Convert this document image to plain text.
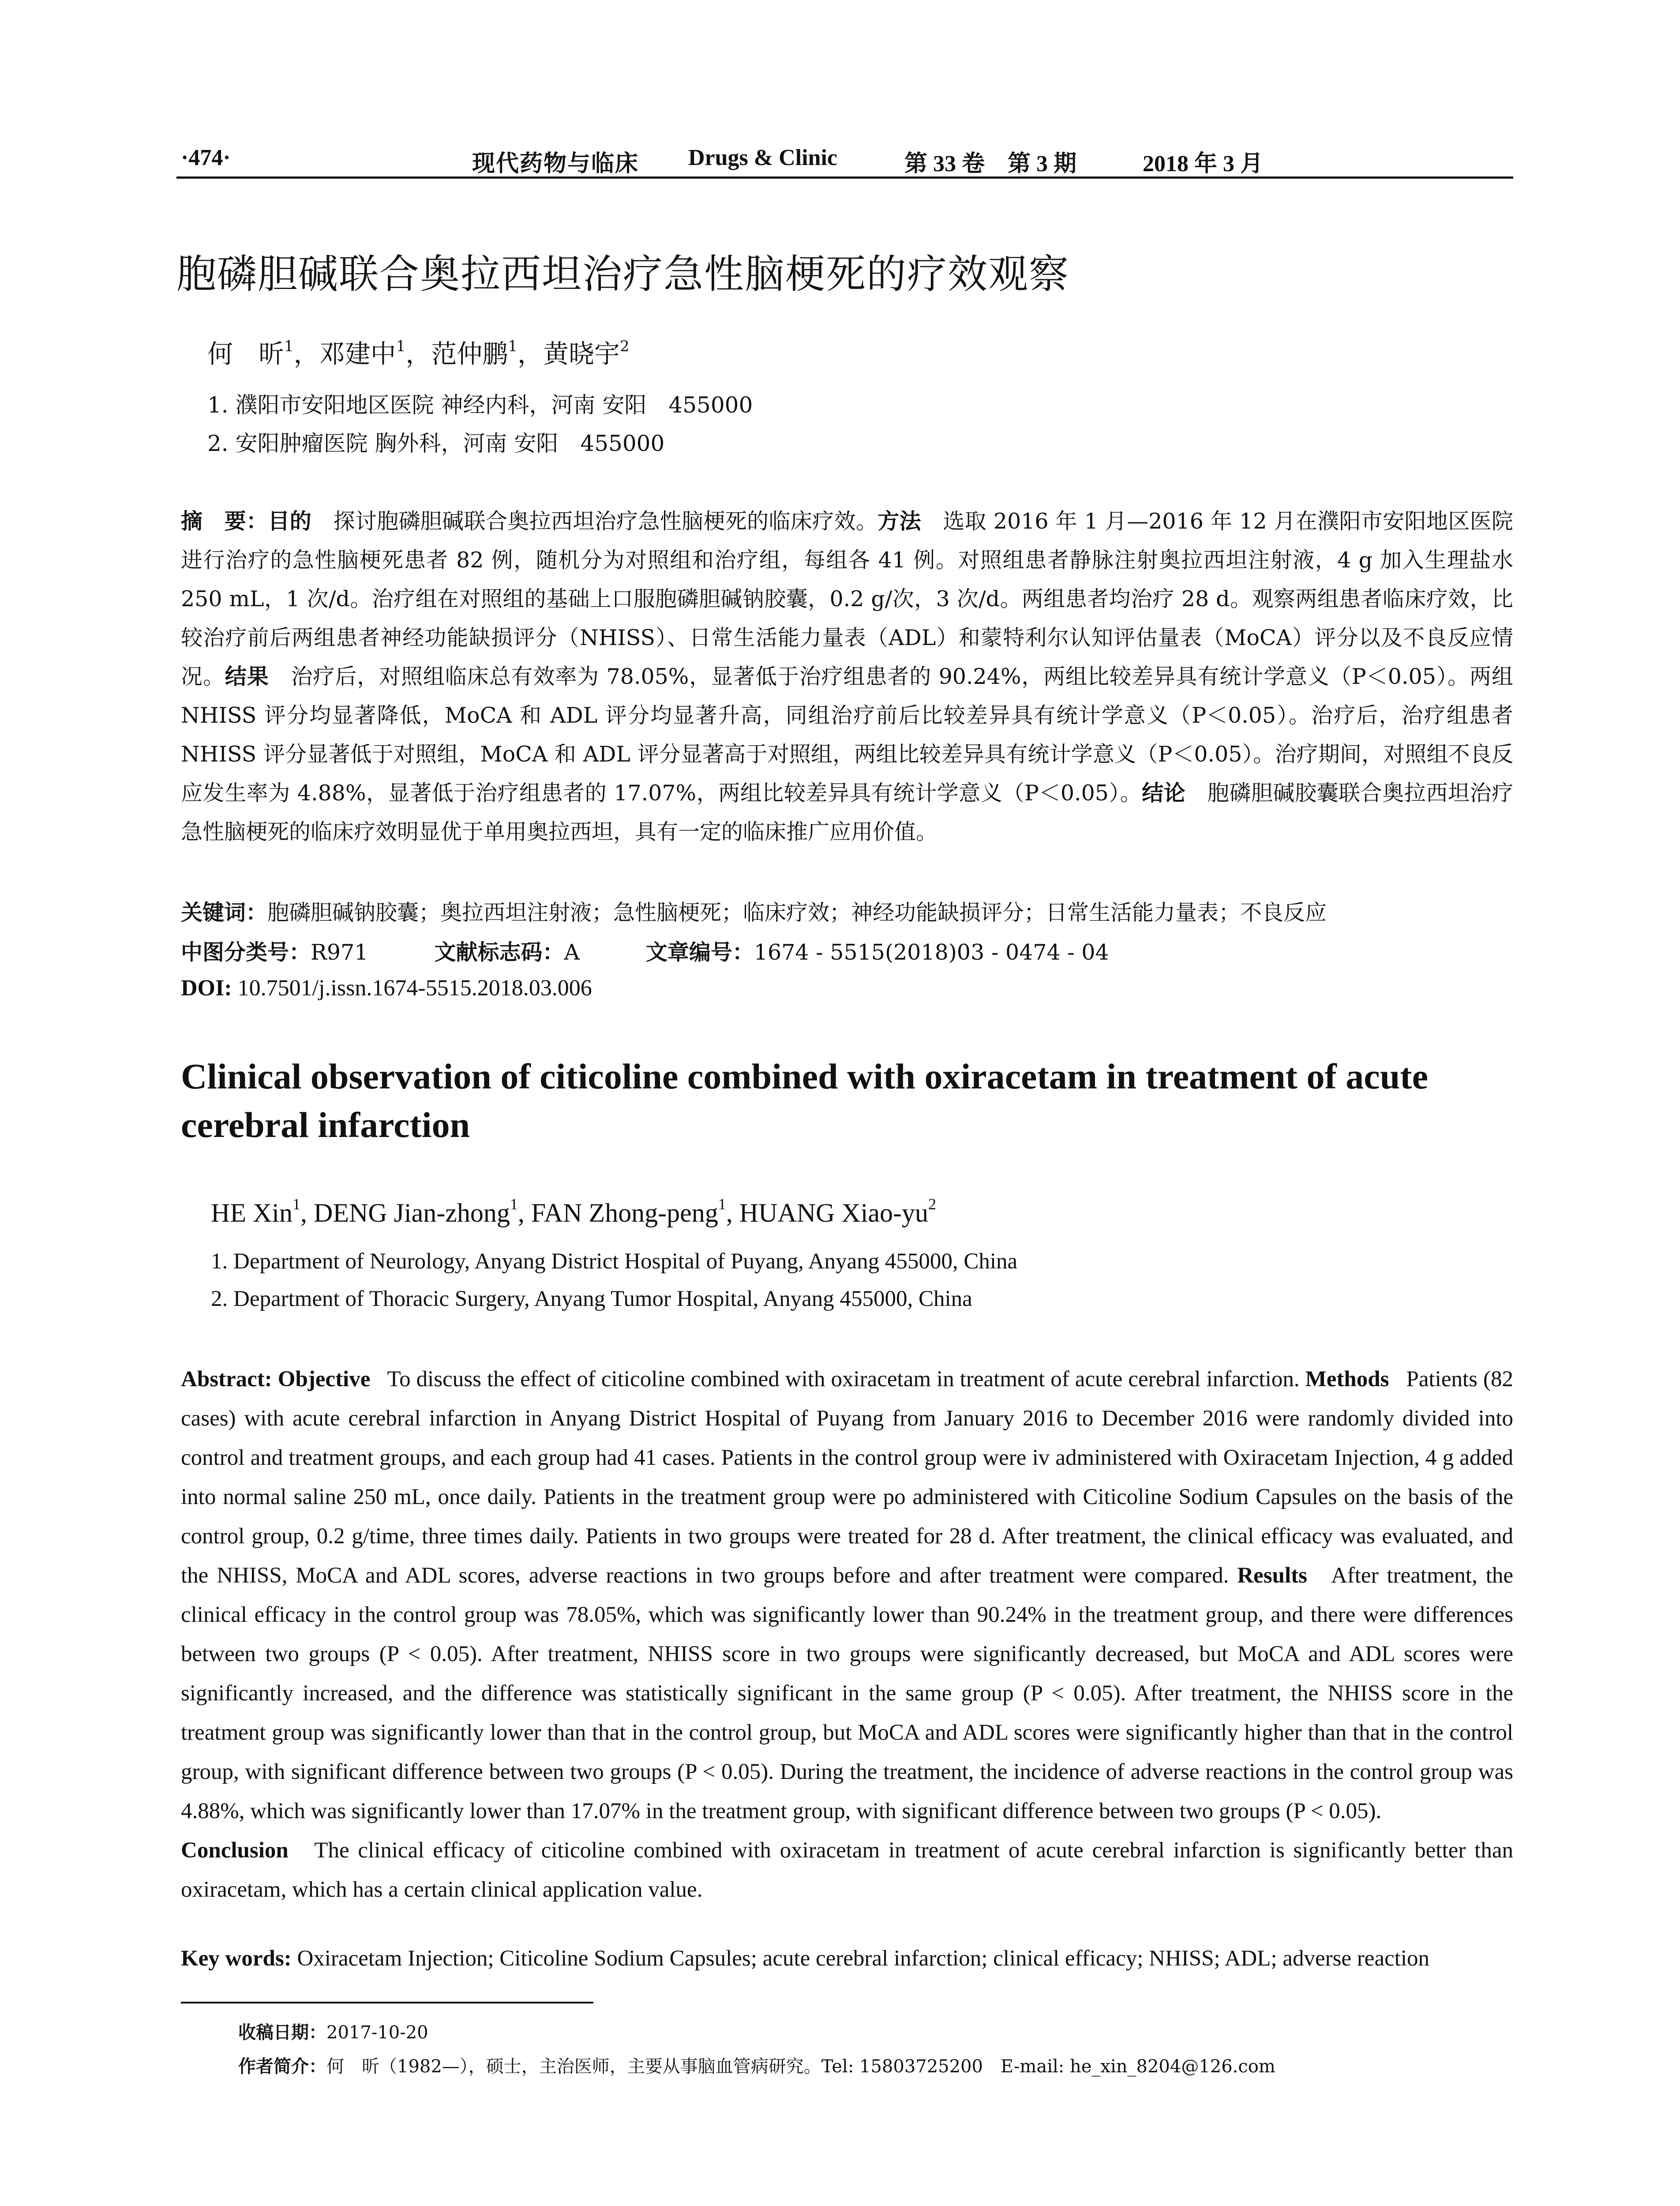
·474·	现代药物与临床 Drugs & Clinic	第 33 卷　第 3 期	2018 年 3 月
胞磷胆碱联合奥拉西坦治疗急性脑梗死的疗效观察
何　昕$^1$，邓建中$^1$，范仲鹏$^1$，黄晓宇$^2$
1. 濮阳市安阳地区医院 神经内科，河南 安阳　455000
2. 安阳肿瘤医院 胸外科，河南 安阳　455000
摘　要：目的　 探讨胞磷胆碱联合奥拉西坦治疗急性脑梗死的临床疗效。方法　 选取 2016 年 1 月—2016 年 12 月在濮阳市安阳地区医院进行治疗的急性脑梗死患者 82 例，随机分为对照组和治疗组，每组各 41 例。对照组患者静脉注射奥拉西坦注射液，4 g 加入生理盐水 250 mL，1 次/d。治疗组在对照组的基础上口服胞磷胆碱钠胶囊，0.2 g/次，3 次/d。两组患者均治疗 28 d。观察两组患者临床疗效，比较治疗前后两组患者神经功能缺损评分（NHISS）、日常生活能力量表（ADL）和蒙特利尔认知评估量表（MoCA）评分以及不良反应情况。结果　 治疗后，对照组临床总有效率为 78.05%，显著低于治疗组患者的 90.24%，两组比较差异具有统计学意义（P＜0.05）。两组 NHISS 评分均显著降低，MoCA 和 ADL 评分均显著升高，同组治疗前后比较差异具有统计学意义（P＜0.05）。治疗后，治疗组患者 NHISS 评分显著低于对照组，MoCA 和 ADL 评分显著高于对照组，两组比较差异具有统计学意义（P＜0.05）。治疗期间，对照组不良反应发生率为 4.88%，显著低于治疗组患者的 17.07%，两组比较差异具有统计学意义（P＜0.05）。结论　 胞磷胆碱胶囊联合奥拉西坦治疗急性脑梗死的临床疗效明显优于单用奥拉西坦，具有一定的临床推广应用价值。
关键词：胞磷胆碱钠胶囊；奥拉西坦注射液；急性脑梗死；临床疗效；神经功能缺损评分；日常生活能力量表；不良反应
中图分类号：R971	文献标志码：A	文章编号：1674 - 5515(2018)03 - 0474 - 04
DOI: 10.7501/j.issn.1674-5515.2018.03.006
Clinical observation of citicoline combined with oxiracetam in treatment of acute cerebral infarction
HE Xin$^1$, DENG Jian-zhong$^1$, FAN Zhong-peng$^1$, HUANG Xiao-$yu^2$
1. Department of Neurology, Anyang District Hospital of Puyang, Anyang 455000, China
2. Department of Thoracic Surgery, Anyang Tumor Hospital, Anyang 455000, China
Abstract: Objective To discuss the effect of citicoline combined with oxiracetam in treatment of acute cerebral infarction. Methods Patients (82 cases) with acute cerebral infarction in Anyang District Hospital of Puyang from January 2016 to December 2016 were randomly divided into control and treatment groups, and each group had 41 cases. Patients in the control group were iv administered with Oxiracetam Injection, 4 g added into normal saline 250 mL, once daily. Patients in the treatment group were po administered with Citicoline Sodium Capsules on the basis of the control group, 0.2 g/time, three times daily. Patients in two groups were treated for 28 d. After treatment, the clinical efficacy was evaluated, and the NHISS, MoCA and ADL scores, adverse reactions in two groups before and after treatment were compared. Results After treatment, the clinical efficacy in the control group was 78.05%, which was significantly lower than 90.24% in the treatment group, and there were differences between two groups (P < 0.05). After treatment, NHISS score in two groups were significantly decreased, but MoCA and ADL scores were significantly increased, and the difference was statistically significant in the same group (P < 0.05). After treatment, the NHISS score in the treatment group was significantly lower than that in the control group, but MoCA and ADL scores were significantly higher than that in the control group, with significant difference between two groups (P < 0.05). During the treatment, the incidence of adverse reactions in the control group was 4.88%, which was significantly lower than 17.07% in the treatment group, with significant difference between two groups (P < 0.05).
Conclusion The clinical efficacy of citicoline combined with oxiracetam in treatment of acute cerebral infarction is significantly better than oxiracetam, which has a certain clinical application value.
Key words: Oxiracetam Injection; Citicoline Sodium Capsules; acute cerebral infarction; clinical efficacy; NHISS; ADL; adverse reaction
收稿日期：2017-10-20
作者简介：何　昕（1982—），硕士，主治医师，主要从事脑血管病研究。Tel: 15803725200　E-mail: he_xin_8204@126.com
